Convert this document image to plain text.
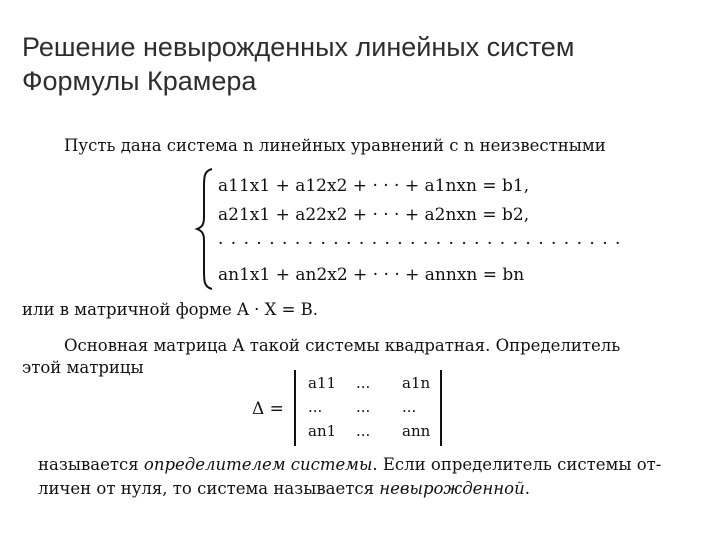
Решение невырожденных линейных систем
Формулы Крамера
Пусть дана система n линейных уравнений с n неизвестными
a11x1 + a12x2 + · · · + a1nxn = b1,
a21x1 + a22x2 + · · · + a2nxn = b2,
· · · · · · · · · · · · · · · · · · · · · · · · · · · · · · · ·
an1x1 + an2x2 + · · · + annxn = bn
или в матричной форме A · X = B.
Основная матрица A такой системы квадратная. Определитель
этой матрицы
Δ =
a11 ... a1n
... ... ...
an1 ... ann
называется определителем системы. Если определитель системы от-
личен от нуля, то система называется невырожденной.
